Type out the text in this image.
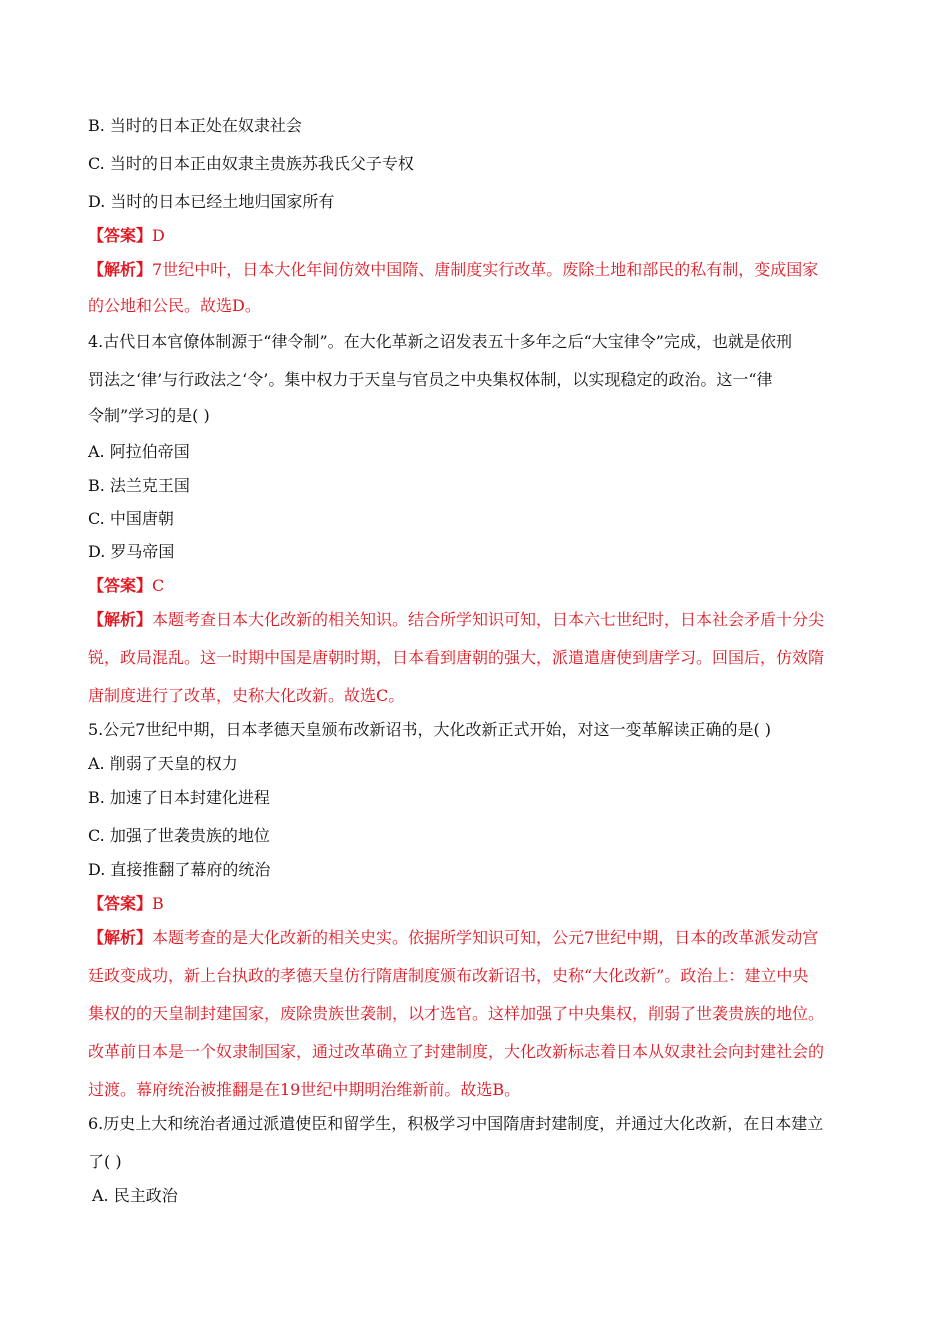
B. 当时的日本正处在奴隶社会
C. 当时的日本正由奴隶主贵族苏我氏父子专权
D. 当时的日本已经土地归国家所有
【答案】D
【解析】7世纪中叶，日本大化年间仿效中国隋、唐制度实行改革。废除土地和部民的私有制，变成国家
的公地和公民。故选D。
4.古代日本官僚体制源于“律令制”。在大化革新之诏发表五十多年之后“大宝律令”完成，也就是依刑
罚法之‘律’与行政法之‘令’。集中权力于天皇与官员之中央集权体制，以实现稳定的政治。这一“律
令制”学习的是( )
A. 阿拉伯帝国
B. 法兰克王国
C. 中国唐朝
D. 罗马帝国
【答案】C
【解析】本题考查日本大化改新的相关知识。结合所学知识可知，日本六七世纪时，日本社会矛盾十分尖
锐，政局混乱。这一时期中国是唐朝时期，日本看到唐朝的强大，派遣遣唐使到唐学习。回国后，仿效隋
唐制度进行了改革，史称大化改新。故选C。
5.公元7世纪中期，日本孝德天皇颁布改新诏书，大化改新正式开始，对这一变革解读正确的是( )
A. 削弱了天皇的权力
B. 加速了日本封建化进程
C. 加强了世袭贵族的地位
D. 直接推翻了幕府的统治
【答案】B
【解析】本题考查的是大化改新的相关史实。依据所学知识可知，公元7世纪中期，日本的改革派发动宫
廷政变成功，新上台执政的孝德天皇仿行隋唐制度颁布改新诏书，史称“大化改新”。政治上：建立中央
集权的的天皇制封建国家，废除贵族世袭制，以才选官。这样加强了中央集权，削弱了世袭贵族的地位。
改革前日本是一个奴隶制国家，通过改革确立了封建制度，大化改新标志着日本从奴隶社会向封建社会的
过渡。幕府统治被推翻是在19世纪中期明治维新前。故选B。
6.历史上大和统治者通过派遣使臣和留学生，积极学习中国隋唐封建制度，并通过大化改新，在日本建立
了( )
A. 民主政治
